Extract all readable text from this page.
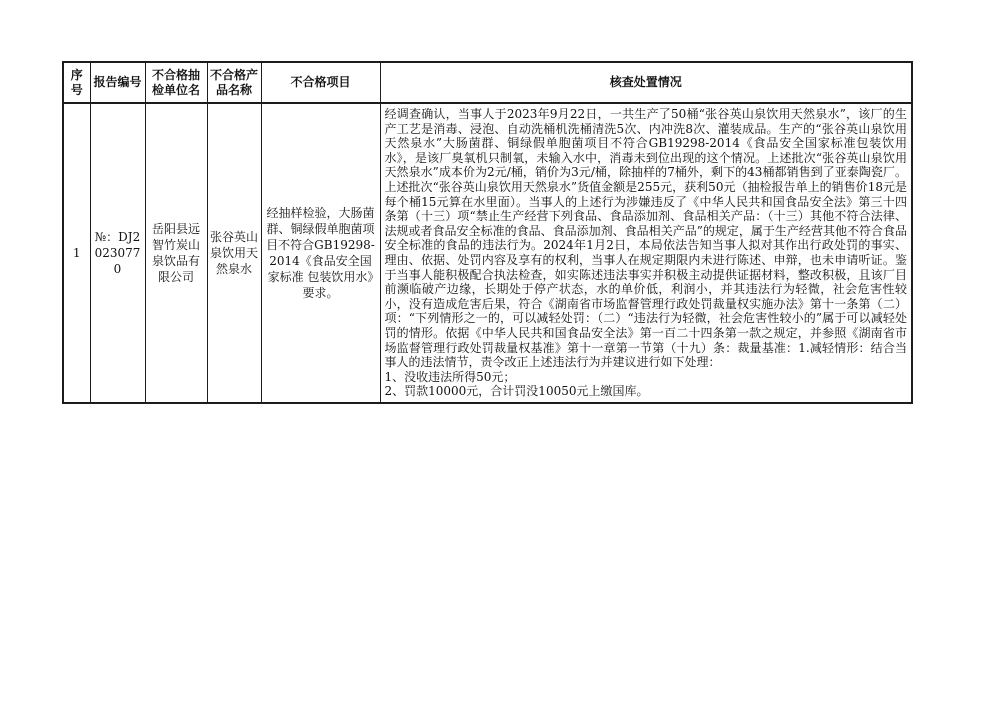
序号	报告编号	不合格抽检单位名	不合格产品名称	不合格项目	核查处置情况
1	№：DJ20230770	岳阳县远智竹炭山泉饮品有限公司	张谷英山泉饮用天然泉水	经抽样检验，大肠菌群、铜绿假单胞菌项目不符合GB19298-2014《食品安全国家标准 包装饮用水》要求。	经调查确认，当事人于2023年9月22日，一共生产了50桶“张谷英山泉饮用天然泉水”，该厂的生产工艺是消毒、浸泡、自动洗桶机洗桶清洗5次、内冲洗8次、灌装成品。生产的“张谷英山泉饮用天然泉水”大肠菌群、铜绿假单胞菌项目不符合GB19298-2014《食品安全国家标准包装饮用水》，是该厂臭氧机只制氧，未输入水中，消毒未到位出现的这个情况。上述批次“张谷英山泉饮用天然泉水”成本价为2元/桶，销价为3元/桶，除抽样的7桶外，剩下的43桶都销售到了亚泰陶瓷厂。上述批次“张谷英山泉饮用天然泉水”货值金额是255元，获利50元（抽检报告单上的销售价18元是每个桶15元算在水里面）。当事人的上述行为涉嫌违反了《中华人民共和国食品安全法》第三十四条第（十三）项“禁止生产经营下列食品、食品添加剂、食品相关产品：（十三）其他不符合法律、法规或者食品安全标准的食品、食品添加剂、食品相关产品”的规定，属于生产经营其他不符合食品安全标准的食品的违法行为。2024年1月2日，本局依法告知当事人拟对其作出行政处罚的事实、理由、依据、处罚内容及享有的权利，当事人在规定期限内未进行陈述、申辩，也未申请听证。鉴于当事人能积极配合执法检查，如实陈述违法事实并积极主动提供证据材料，整改积极，且该厂目前濒临破产边缘，长期处于停产状态，水的单价低，利润小，并其违法行为轻微，社会危害性较小，没有造成危害后果，符合《湖南省市场监督管理行政处罚裁量权实施办法》第十一条第（二）项：“下列情形之一的，可以减轻处罚：（二）“违法行为轻微，社会危害性较小的”属于可以减轻处罚的情形。依据《中华人民共和国食品安全法》第一百二十四条第一款之规定，并参照《湖南省市场监督管理行政处罚裁量权基准》第十一章第一节第（十九）条：裁量基准：1.减轻情形：结合当事人的违法情节，责令改正上述违法行为并建议进行如下处理：
1、没收违法所得50元；
2、罚款10000元，合计罚没10050元上缴国库。
